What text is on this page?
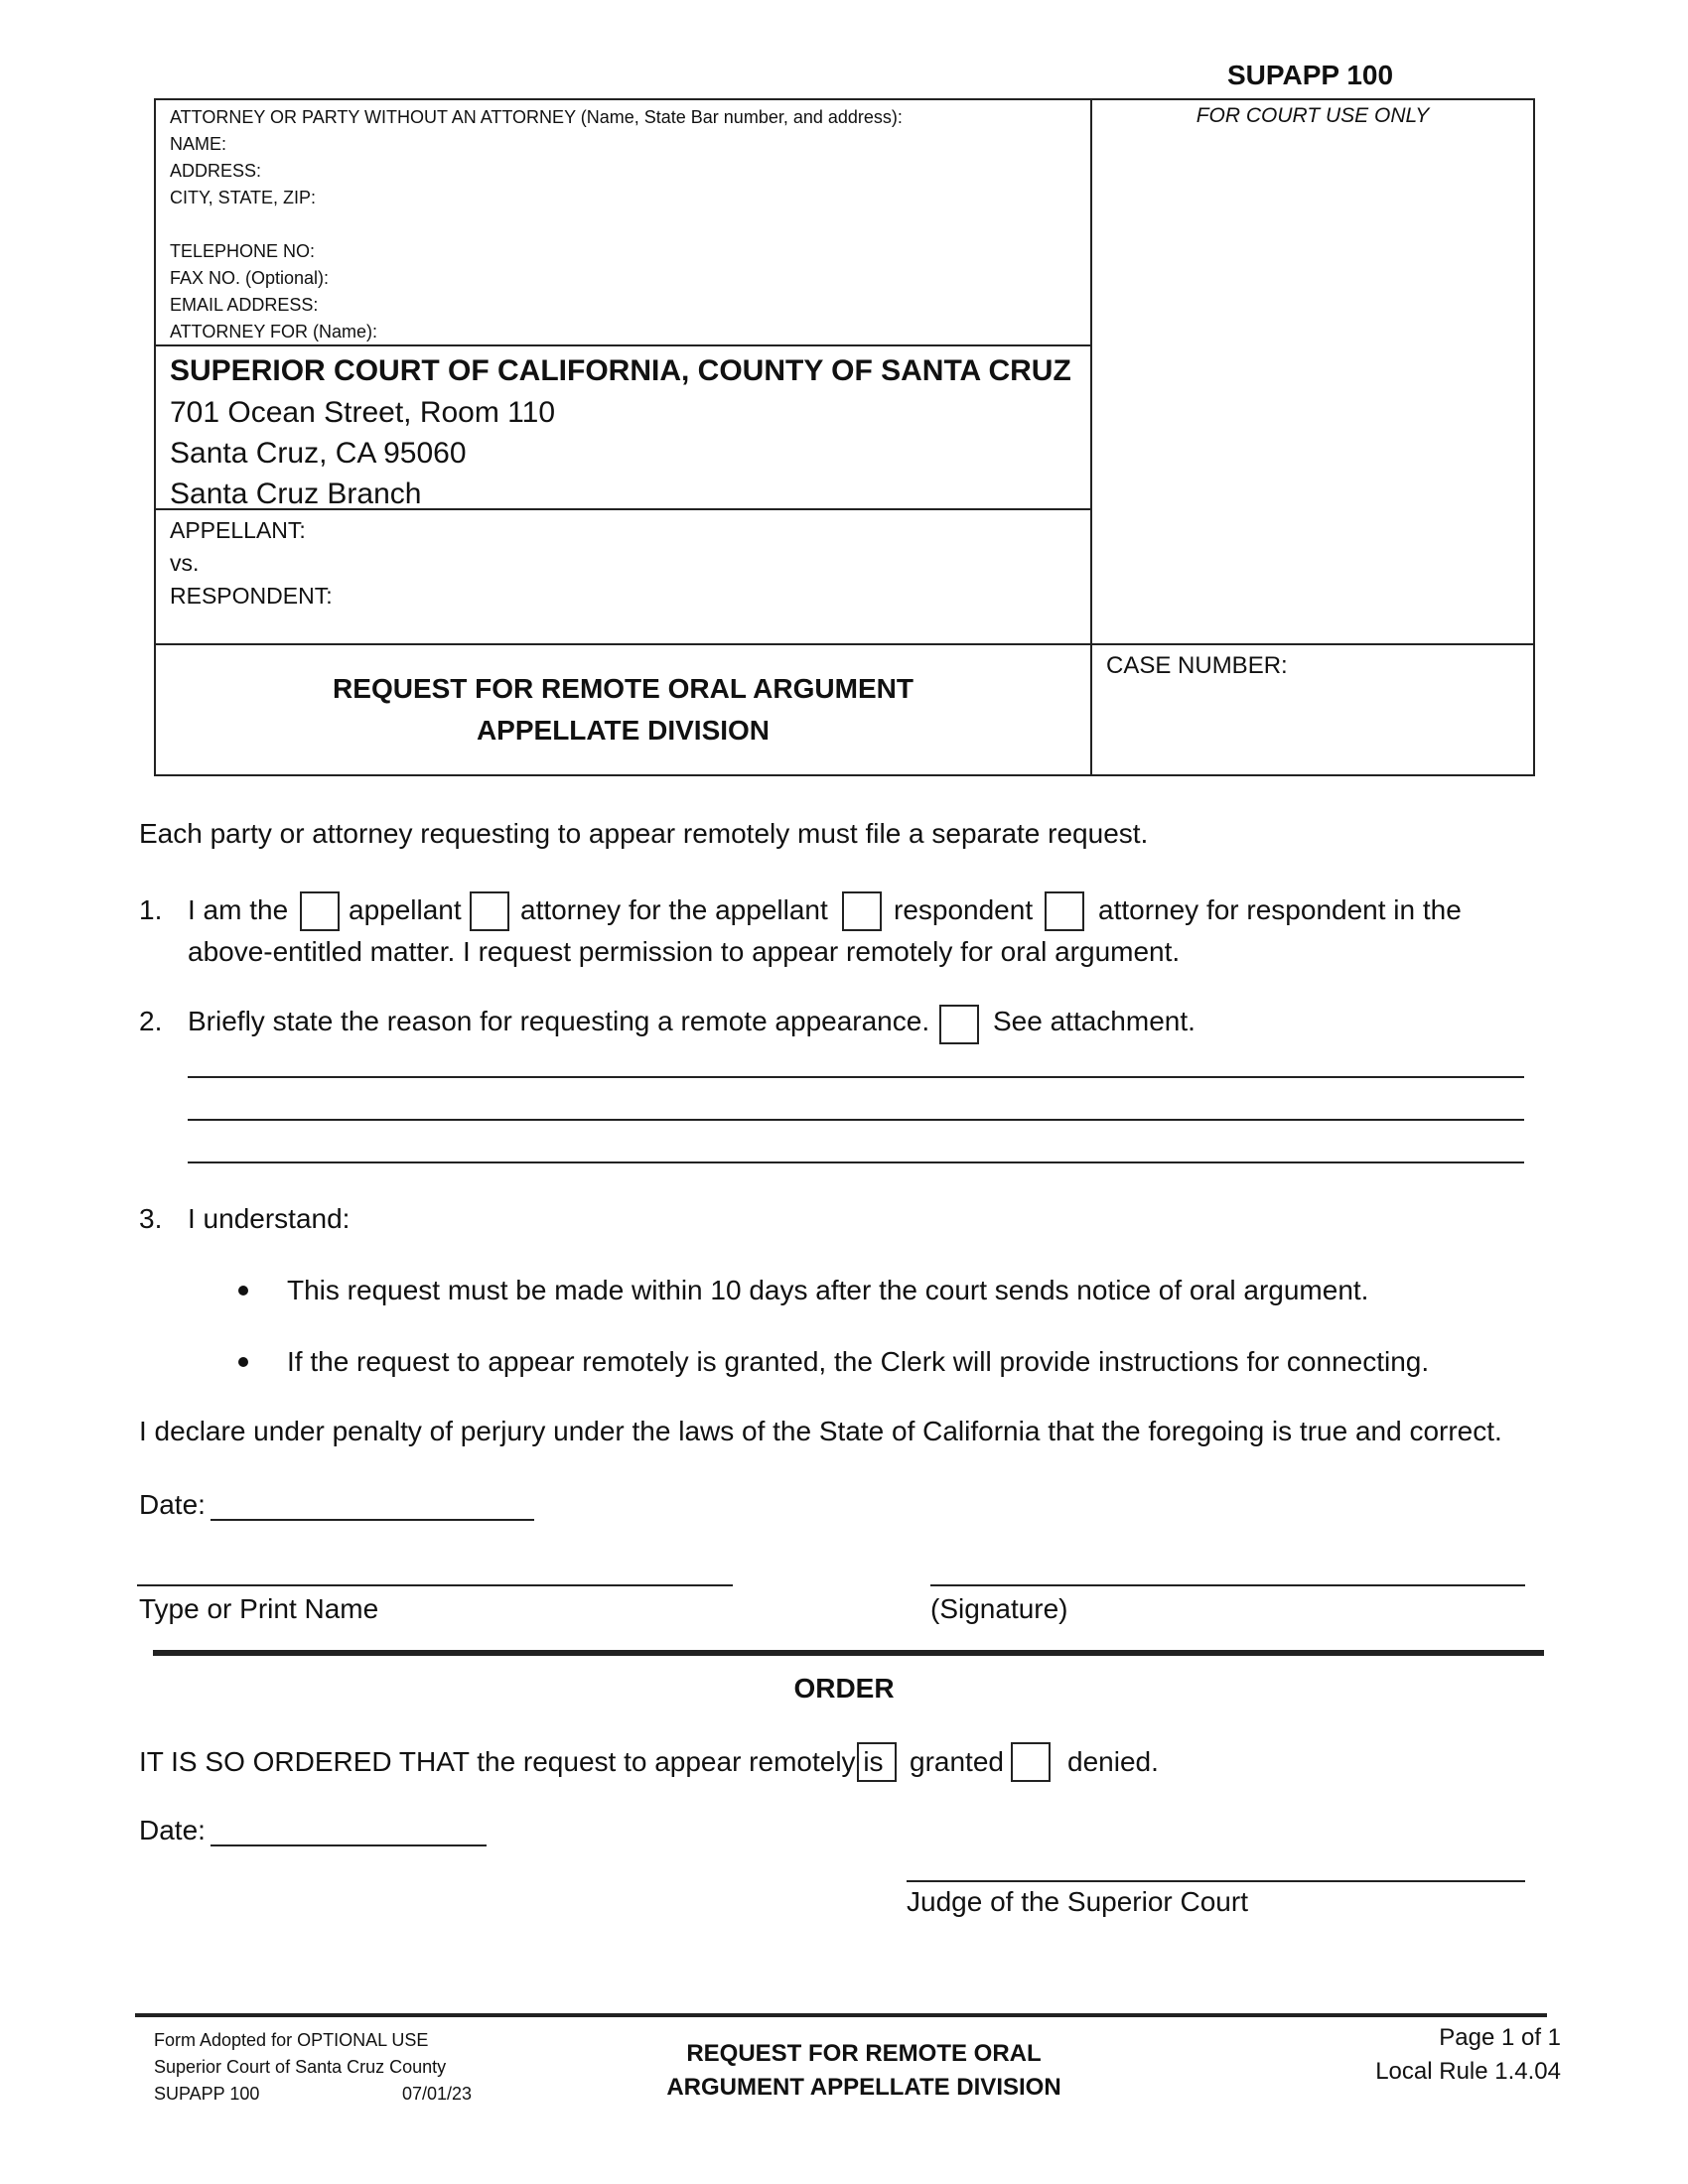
SUPAPP 100
ATTORNEY OR PARTY WITHOUT AN ATTORNEY (Name, State Bar number, and address):
NAME:
ADDRESS:
CITY, STATE, ZIP:
TELEPHONE NO:
FAX NO. (Optional):
EMAIL ADDRESS:
ATTORNEY FOR (Name):
FOR COURT USE ONLY
SUPERIOR COURT OF CALIFORNIA, COUNTY OF SANTA CRUZ
701 Ocean Street, Room 110
Santa Cruz, CA 95060
Santa Cruz Branch
APPELLANT:
vs.
RESPONDENT:
REQUEST FOR REMOTE ORAL ARGUMENT
APPELLATE DIVISION
CASE NUMBER:
Each party or attorney requesting to appear remotely must file a separate request.
1. I am the appellant attorney for the appellant respondent attorney for respondent in the
above-entitled matter. I request permission to appear remotely for oral argument.
2. Briefly state the reason for requesting a remote appearance. See attachment.
3. I understand:
This request must be made within 10 days after the court sends notice of oral argument.
If the request to appear remotely is granted, the Clerk will provide instructions for connecting.
I declare under penalty of perjury under the laws of the State of California that the foregoing is true and correct.
Date:
Type or Print Name	(Signature)
ORDER
IT IS SO ORDERED THAT the request to appear remotely is granted denied.
Date:
Judge of the Superior Court
Form Adopted for OPTIONAL USE
Superior Court of Santa Cruz County
SUPAPP 100	07/01/23
REQUEST FOR REMOTE ORAL
ARGUMENT APPELLATE DIVISION
Page 1 of 1
Local Rule 1.4.04
